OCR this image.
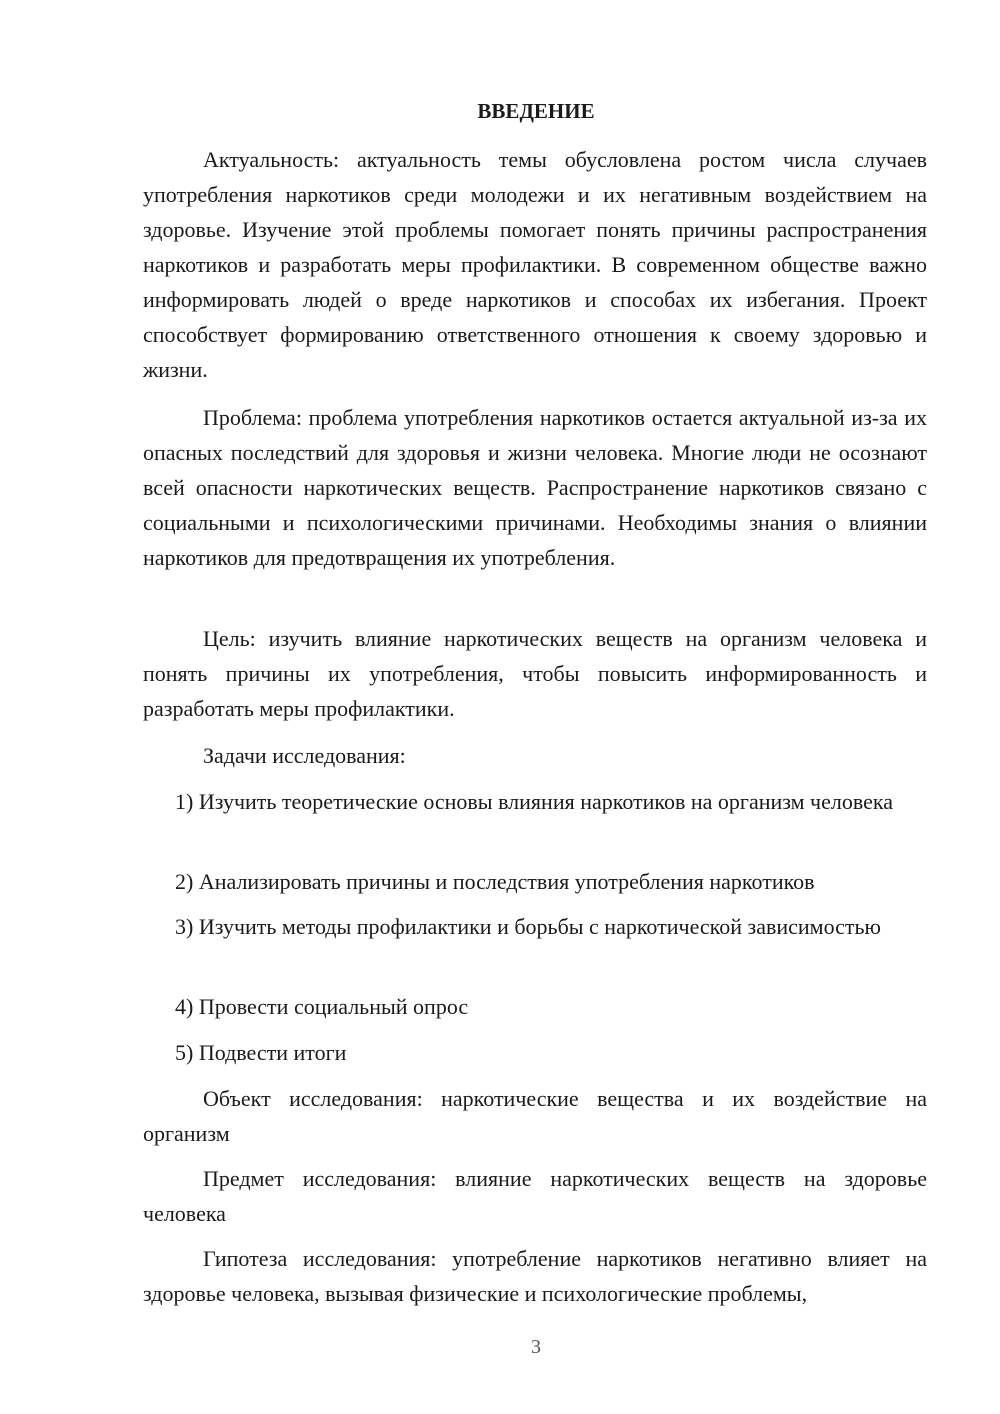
ВВЕДЕНИЕ
Актуальность: актуальность темы обусловлена ростом числа случаев употребления наркотиков среди молодежи и их негативным воздействием на здоровье. Изучение этой проблемы помогает понять причины распространения наркотиков и разработать меры профилактики. В современном обществе важно информировать людей о вреде наркотиков и способах их избегания. Проект способствует формированию ответственного отношения к своему здоровью и жизни.
Проблема: проблема употребления наркотиков остается актуальной из-за их опасных последствий для здоровья и жизни человека. Многие люди не осознают всей опасности наркотических веществ. Распространение наркотиков связано с социальными и психологическими причинами. Необходимы знания о влиянии наркотиков для предотвращения их употребления.
Цель: изучить влияние наркотических веществ на организм человека и понять причины их употребления, чтобы повысить информированность и разработать меры профилактики.
Задачи исследования:
1) Изучить теоретические основы влияния наркотиков на организм человека
2) Анализировать причины и последствия употребления наркотиков
3) Изучить методы профилактики и борьбы с наркотической зависимостью
4) Провести социальный опрос
5) Подвести итоги
Объект исследования: наркотические вещества и их воздействие на организм
Предмет исследования: влияние наркотических веществ на здоровье человека
Гипотеза исследования: употребление наркотиков негативно влияет на здоровье человека, вызывая физические и психологические проблемы,
3
